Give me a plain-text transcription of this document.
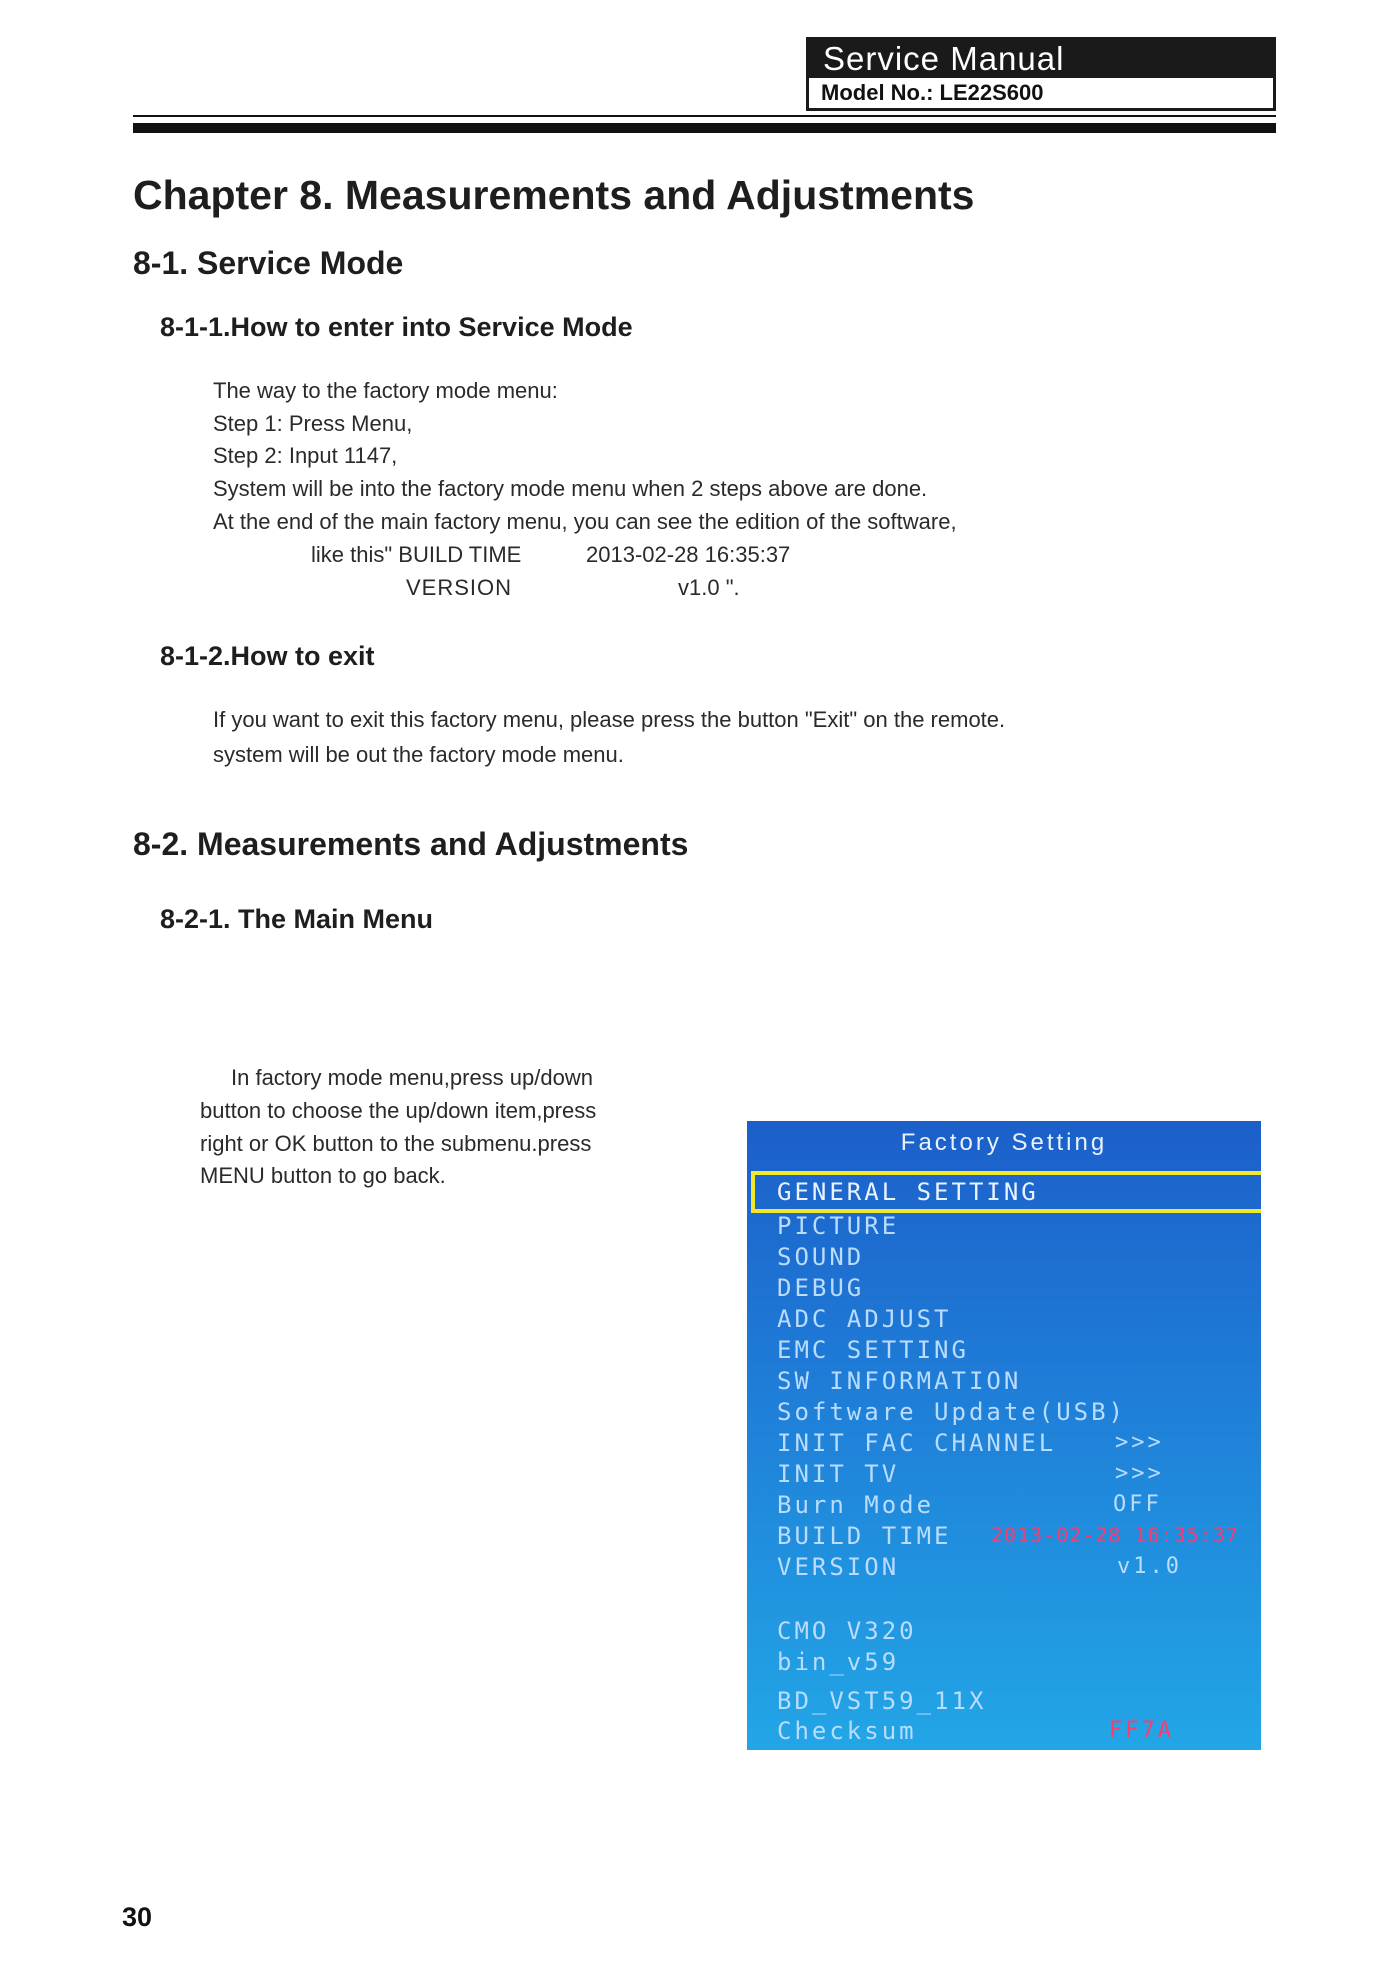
Service Manual
Model No.: LE22S600
Chapter 8. Measurements and Adjustments
8-1. Service Mode
8-1-1.How to enter into Service Mode
The way to the factory mode menu:
Step 1: Press Menu,
Step 2: Input 1147,
System will be into the factory mode menu when 2 steps above are done.
At the end of the main factory menu, you can see the edition of the software,
like this" BUILD TIME	2013-02-28 16:35:37
VERSION	v1.0 ".
8-1-2.How to exit
If you want to exit this factory menu, please press the button "Exit" on the remote.
system will be out the factory mode menu.
8-2. Measurements and Adjustments
8-2-1. The Main Menu
In factory mode menu,press up/down
button to choose the up/down item,press
right or OK button to the submenu.press
MENU button to go back.
Factory Setting
GENERAL SETTING
PICTURE
SOUND
DEBUG
ADC ADJUST
EMC SETTING
SW INFORMATION
Software Update(USB)
INIT FAC CHANNEL	>>>
INIT TV	>>>
Burn Mode	OFF
BUILD TIME 2013-02-28 16:35:37
VERSION	v1.0
CMO V320
bin_v59
BD_VST59_11X
Checksum	FF7A
30
